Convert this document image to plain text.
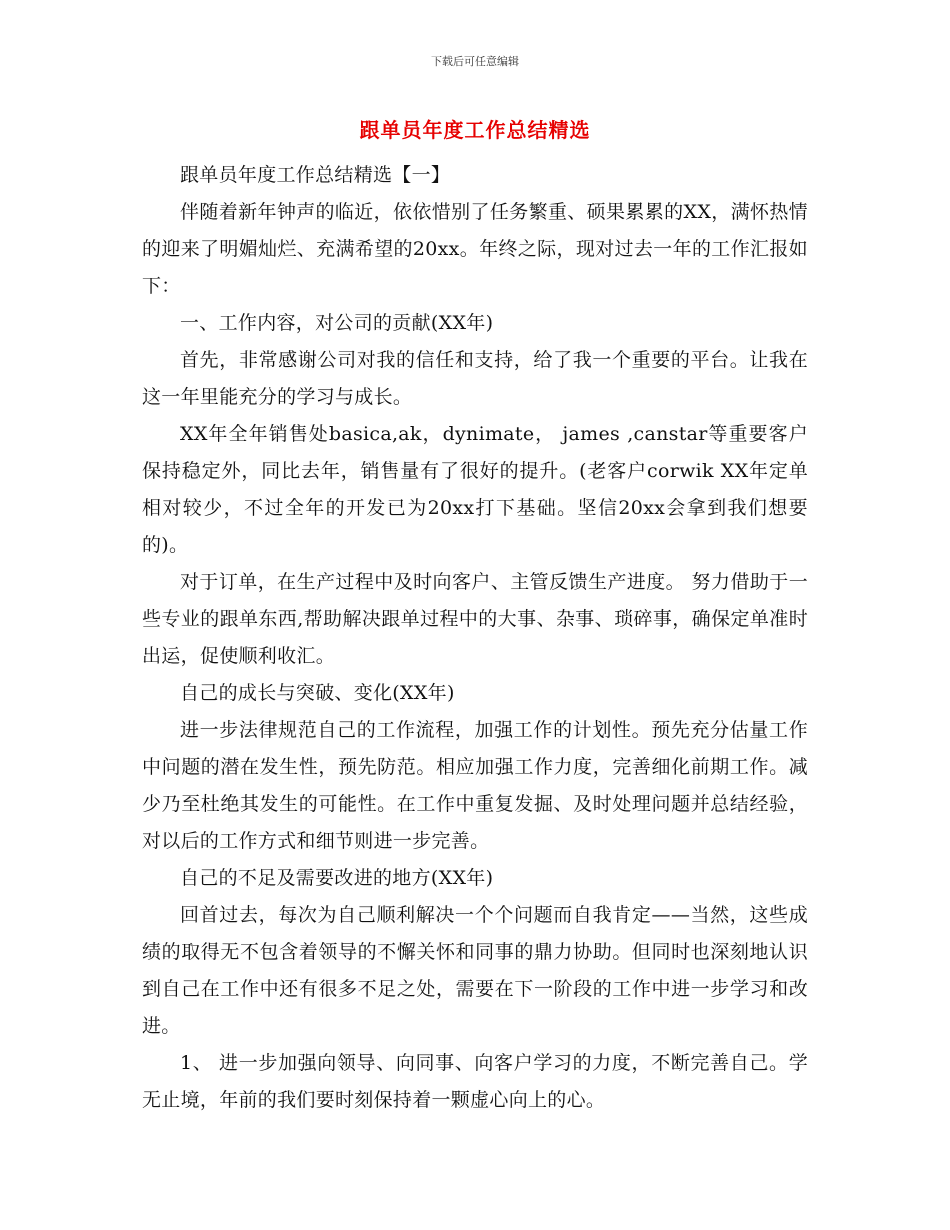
下载后可任意编辑
跟单员年度工作总结精选

跟单员年度工作总结精选【一】

伴随着新年钟声的临近，依依惜别了任务繁重、硕果累累的XX，满怀热情的迎来了明媚灿烂、充满希望的20xx。年终之际，现对过去一年的工作汇报如下：

一、工作内容，对公司的贡献(XX年)

首先，非常感谢公司对我的信任和支持，给了我一个重要的平台。让我在这一年里能充分的学习与成长。

XX年全年销售处basica,ak，dynimate， james ,canstar等重要客户保持稳定外，同比去年，销售量有了很好的提升。(老客户corwik XX年定单相对较少，不过全年的开发已为20xx打下基础。坚信20xx会拿到我们想要的)。

对于订单，在生产过程中及时向客户、主管反馈生产进度。 努力借助于一些专业的跟单东西,帮助解决跟单过程中的大事、杂事、琐碎事，确保定单准时出运，促使顺利收汇。

自己的成长与突破、变化(XX年)

进一步法律规范自己的工作流程，加强工作的计划性。预先充分估量工作中问题的潜在发生性，预先防范。相应加强工作力度，完善细化前期工作。减少乃至杜绝其发生的可能性。在工作中重复发掘、及时处理问题并总结经验，对以后的工作方式和细节则进一步完善。

自己的不足及需要改进的地方(XX年)

回首过去，每次为自己顺利解决一个个问题而自我肯定——当然，这些成绩的取得无不包含着领导的不懈关怀和同事的鼎力协助。但同时也深刻地认识到自己在工作中还有很多不足之处，需要在下一阶段的工作中进一步学习和改进。

1、 进一步加强向领导、向同事、向客户学习的力度，不断完善自己。学无止境，年前的我们要时刻保持着一颗虚心向上的心。
